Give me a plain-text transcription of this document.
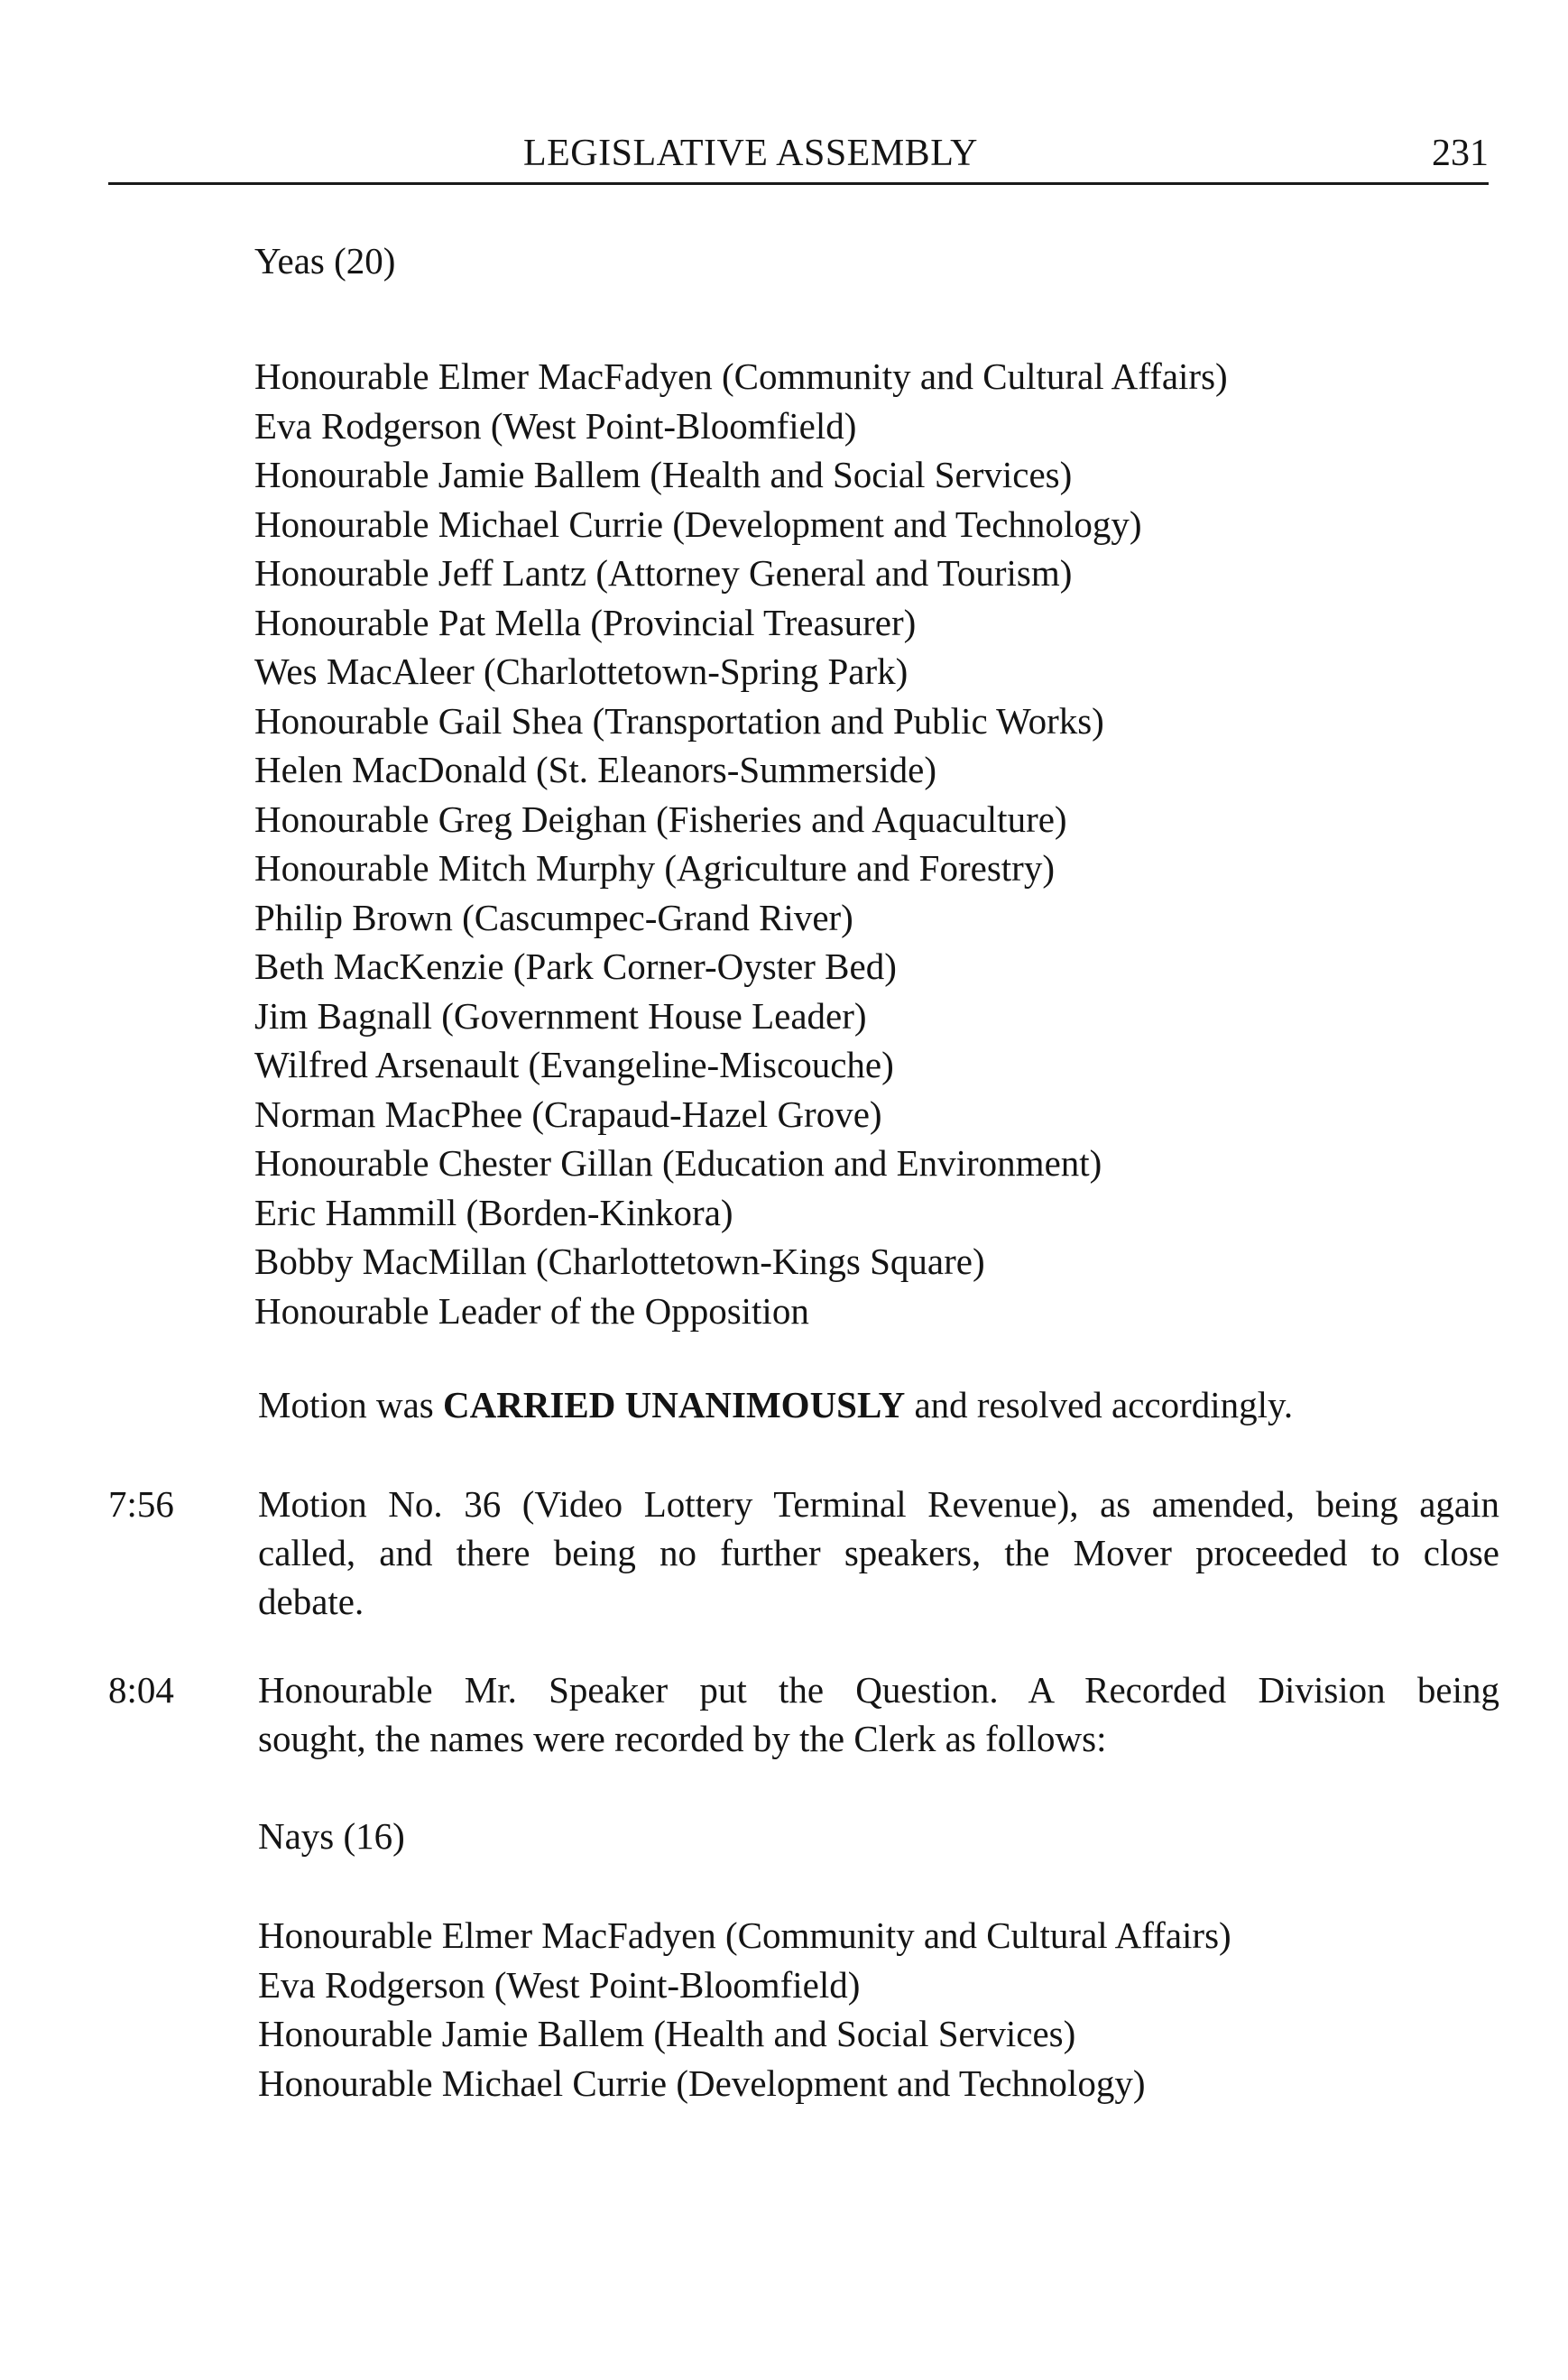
LEGISLATIVE ASSEMBLY	231
Yeas (20)
Honourable Elmer MacFadyen (Community and Cultural Affairs)
Eva Rodgerson (West Point-Bloomfield)
Honourable Jamie Ballem (Health and Social Services)
Honourable Michael Currie (Development and Technology)
Honourable Jeff Lantz (Attorney General and Tourism)
Honourable Pat Mella (Provincial Treasurer)
Wes MacAleer (Charlottetown-Spring Park)
Honourable Gail Shea (Transportation and Public Works)
Helen MacDonald (St. Eleanors-Summerside)
Honourable Greg Deighan (Fisheries and Aquaculture)
Honourable Mitch Murphy (Agriculture and Forestry)
Philip Brown (Cascumpec-Grand River)
Beth MacKenzie (Park Corner-Oyster Bed)
Jim Bagnall (Government House Leader)
Wilfred Arsenault (Evangeline-Miscouche)
Norman MacPhee (Crapaud-Hazel Grove)
Honourable Chester Gillan (Education and Environment)
Eric Hammill (Borden-Kinkora)
Bobby MacMillan (Charlottetown-Kings Square)
Honourable Leader of the Opposition
Motion was CARRIED UNANIMOUSLY and resolved accordingly.
7:56	Motion No. 36 (Video Lottery Terminal Revenue), as amended, being again
called, and there being no further speakers, the Mover proceeded to close
debate.
8:04	Honourable Mr. Speaker put the Question. A Recorded Division being
sought, the names were recorded by the Clerk as follows:
Nays (16)
Honourable Elmer MacFadyen (Community and Cultural Affairs)
Eva Rodgerson (West Point-Bloomfield)
Honourable Jamie Ballem (Health and Social Services)
Honourable Michael Currie (Development and Technology)
